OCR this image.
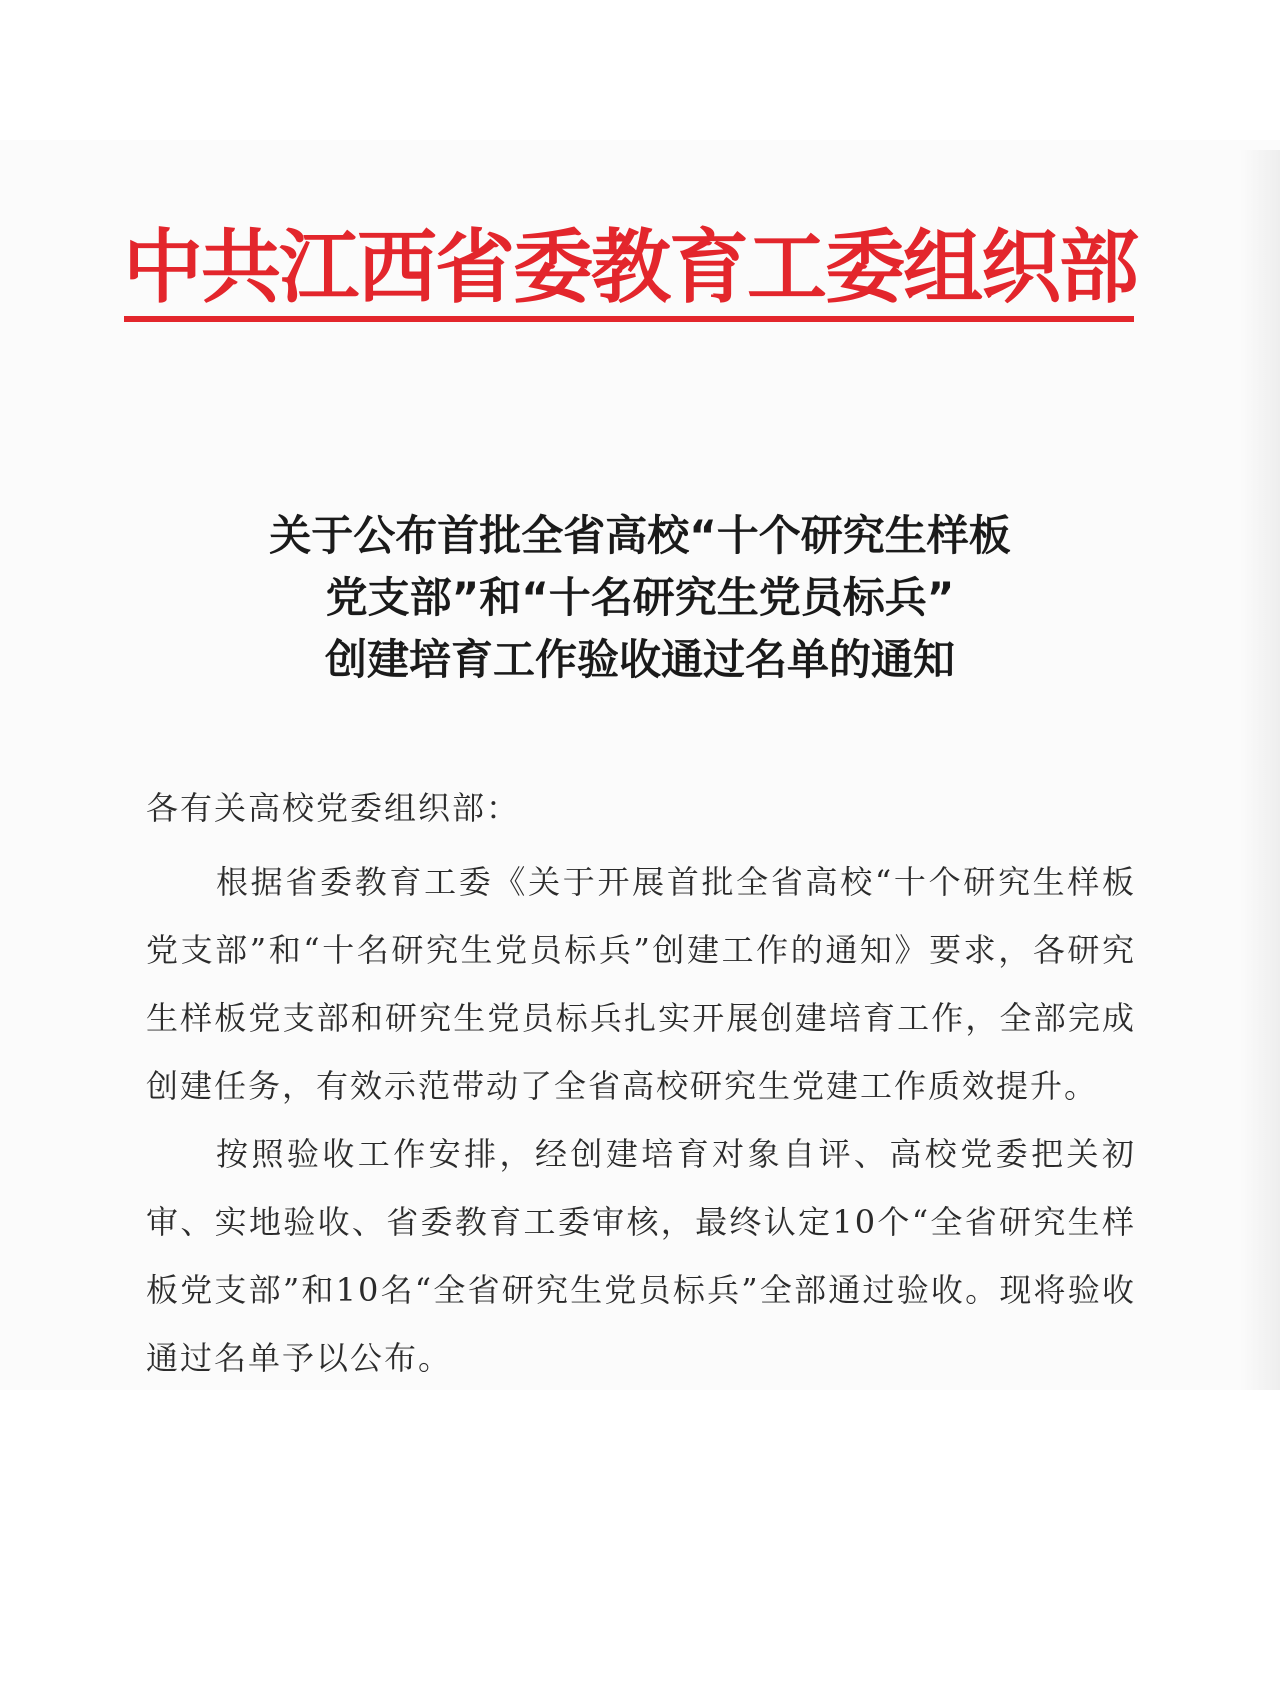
中共江西省委教育工委组织部
关于公布首批全省高校“十个研究生样板
党支部”和“十名研究生党员标兵”
创建培育工作验收通过名单的通知
各有关高校党委组织部：

根据省委教育工委《关于开展首批全省高校“十个研究生样板党支部”和“十名研究生党员标兵”创建工作的通知》要求，各研究生样板党支部和研究生党员标兵扎实开展创建培育工作，全部完成创建任务，有效示范带动了全省高校研究生党建工作质效提升。

按照验收工作安排，经创建培育对象自评、高校党委把关初审、实地验收、省委教育工委审核，最终认定10个“全省研究生样板党支部”和10名“全省研究生党员标兵”全部通过验收。现将验收通过名单予以公布。
